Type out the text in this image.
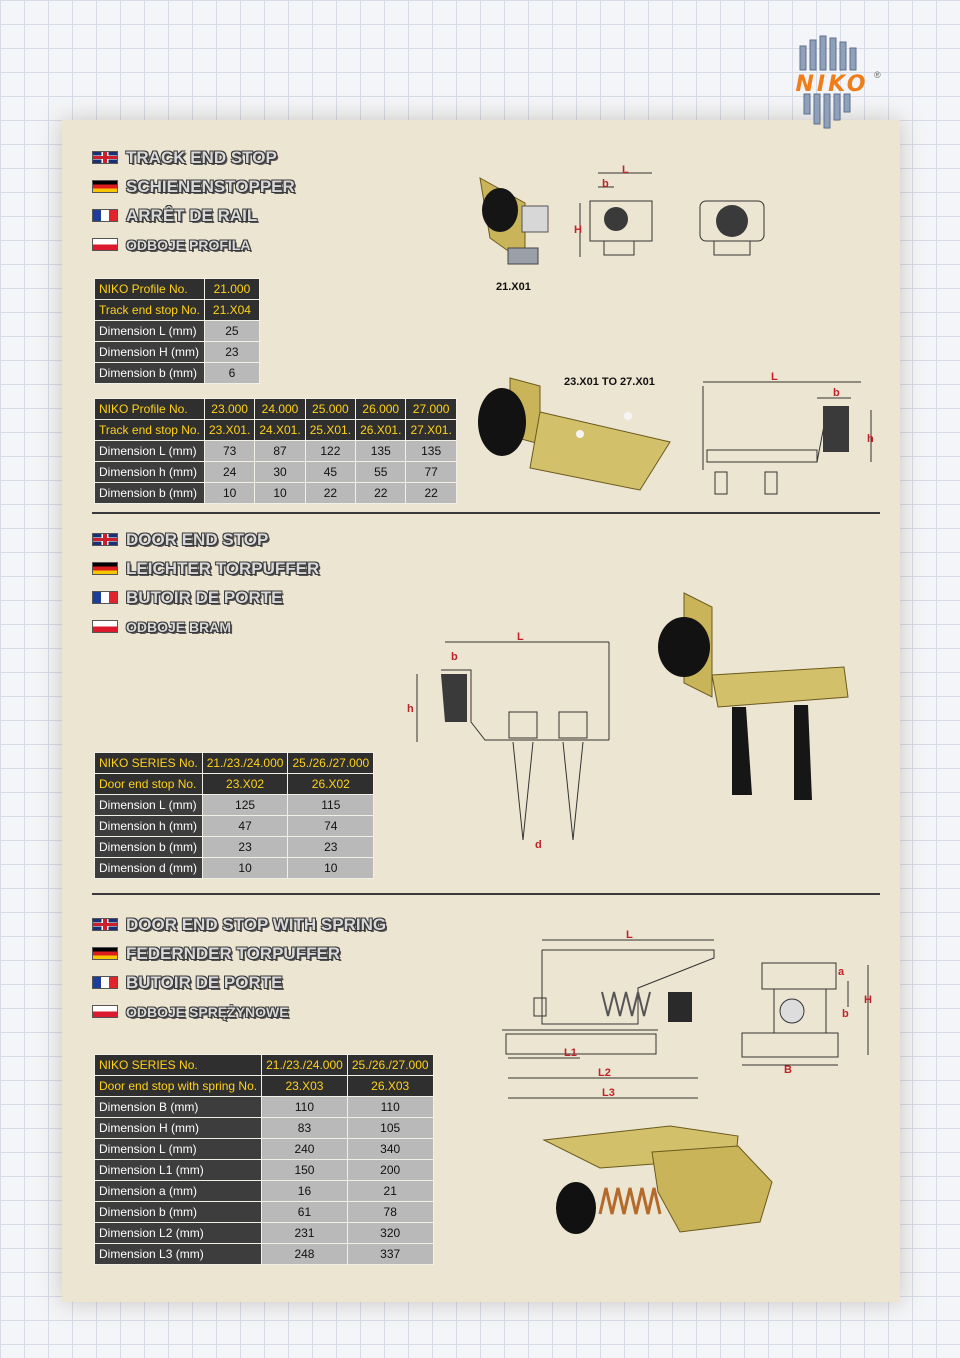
NIKO ®
TRACK END STOP
SCHIENENSTOPPER
ARRÊT DE RAIL
ODBOJE PROFILA
NIKO Profile No.	21.000
Track end stop No.	21.X04
Dimension L (mm)	25
Dimension H (mm)	23
Dimension b (mm)	6
NIKO Profile No.	23.000	24.000	25.000	26.000	27.000
Track end stop No.	23.X01.	24.X01.	25.X01.	26.X01.	27.X01.
Dimension L (mm)	73	87	122	135	135
Dimension h (mm)	24	30	45	55	77
Dimension b (mm)	10	10	22	22	22
21.X01
L
b
H
23.X01 TO 27.X01	L
b
h
DOOR END STOP
LEICHTER TORPUFFER
BUTOIR DE PORTE
ODBOJE BRAM
NIKO SERIES No.	21./23./24.000	25./26./27.000
Door end stop No.	23.X02	26.X02
Dimension L (mm)	125	115
Dimension h (mm)	47	74
Dimension b (mm)	23	23
Dimension d (mm)	10	10
L
b
h
d
DOOR END STOP WITH SPRING
FEDERNDER TORPUFFER
BUTOIR DE PORTE
ODBOJE SPRĘŻYNOWE
NIKO SERIES No.	21./23./24.000	25./26./27.000
Door end stop with spring No.	23.X03	26.X03
Dimension B (mm)	110	110
Dimension H (mm)	83	105
Dimension L (mm)	240	340
Dimension L1 (mm)	150	200
Dimension a (mm)	16	21
Dimension b (mm)	61	78
Dimension L2 (mm)	231	320
Dimension L3 (mm)	248	337
L
L1
L2
L3
a
b
H
B
